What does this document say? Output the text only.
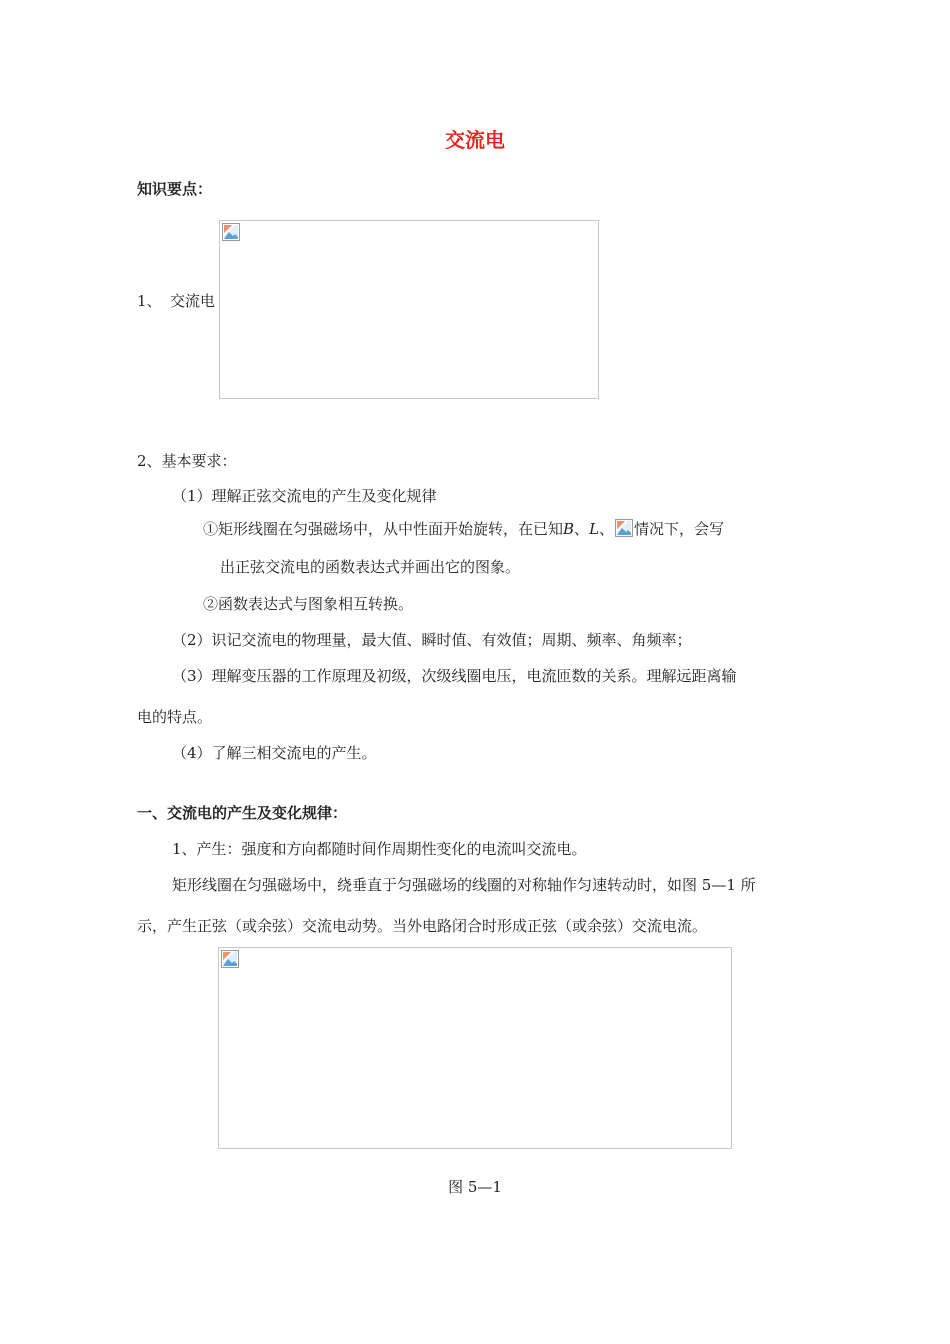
交流电
知识要点：
1、 交流电
2、基本要求：
（1）理解正弦交流电的产生及变化规律
①矩形线圈在匀强磁场中，从中性面开始旋转，在已知B、L、 情况下，会写
出正弦交流电的函数表达式并画出它的图象。
②函数表达式与图象相互转换。
（2）识记交流电的物理量，最大值、瞬时值、有效值；周期、频率、角频率；
（3）理解变压器的工作原理及初级，次级线圈电压，电流匝数的关系。理解远距离输
电的特点。
（4）了解三相交流电的产生。
一、交流电的产生及变化规律：
1、产生：强度和方向都随时间作周期性变化的电流叫交流电。
矩形线圈在匀强磁场中，绕垂直于匀强磁场的线圈的对称轴作匀速转动时，如图 5—1 所
示，产生正弦（或余弦）交流电动势。当外电路闭合时形成正弦（或余弦）交流电流。
图 5—1
